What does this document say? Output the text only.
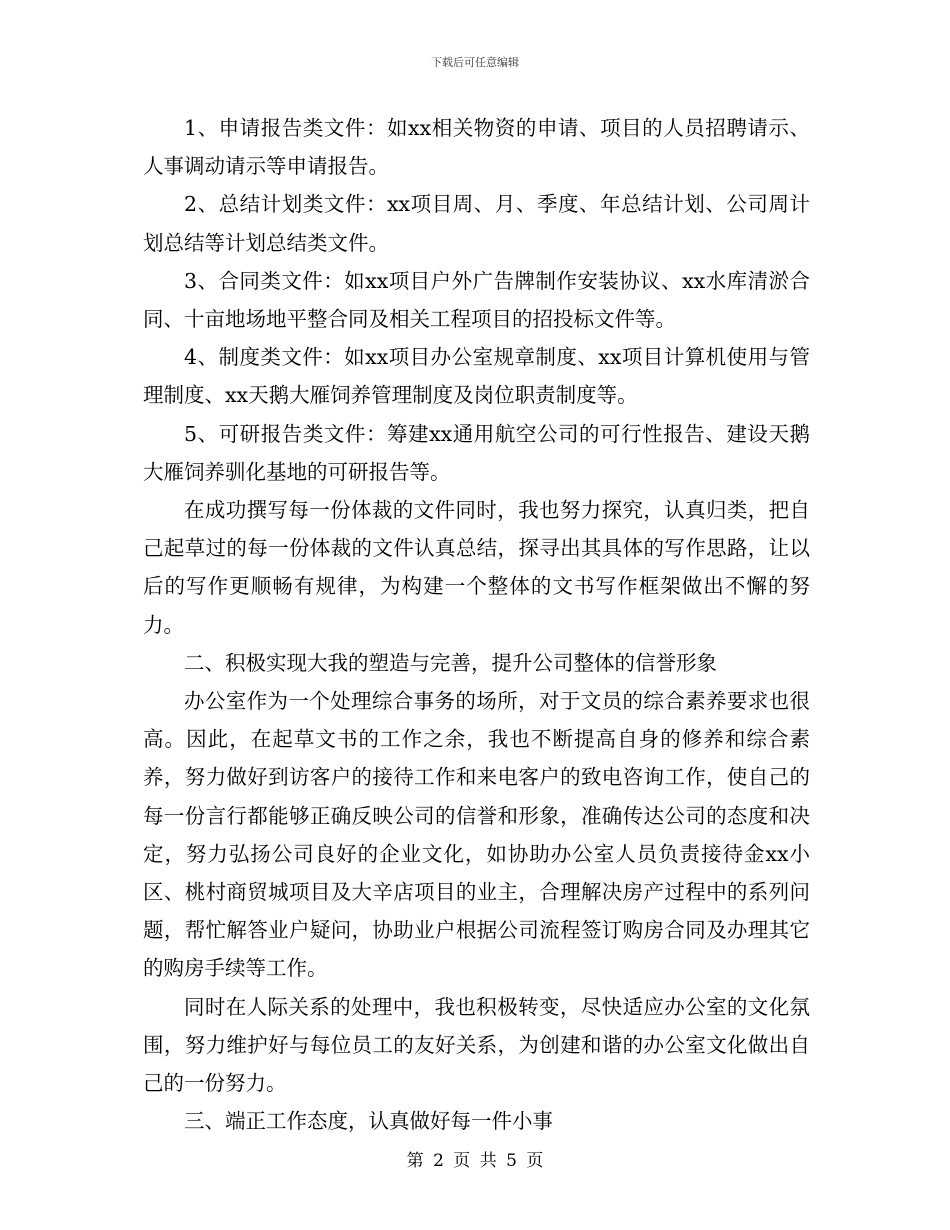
下载后可任意编辑

1、申请报告类文件：如xx相关物资的申请、项目的人员招聘请示、人事调动请示等申请报告。

2、总结计划类文件：xx项目周、月、季度、年总结计划、公司周计划总结等计划总结类文件。

3、合同类文件：如xx项目户外广告牌制作安装协议、xx水库清淤合同、十亩地场地平整合同及相关工程项目的招投标文件等。

4、制度类文件：如xx项目办公室规章制度、xx项目计算机使用与管理制度、xx天鹅大雁饲养管理制度及岗位职责制度等。

5、可研报告类文件：筹建xx通用航空公司的可行性报告、建设天鹅大雁饲养驯化基地的可研报告等。

在成功撰写每一份体裁的文件同时，我也努力探究，认真归类，把自己起草过的每一份体裁的文件认真总结，探寻出其具体的写作思路，让以后的写作更顺畅有规律，为构建一个整体的文书写作框架做出不懈的努力。

二、积极实现大我的塑造与完善，提升公司整体的信誉形象

办公室作为一个处理综合事务的场所，对于文员的综合素养要求也很高。因此，在起草文书的工作之余，我也不断提高自身的修养和综合素养，努力做好到访客户的接待工作和来电客户的致电咨询工作，使自己的每一份言行都能够正确反映公司的信誉和形象，准确传达公司的态度和决定，努力弘扬公司良好的企业文化，如协助办公室人员负责接待金xx小区、桃村商贸城项目及大辛店项目的业主，合理解决房产过程中的系列问题，帮忙解答业户疑问，协助业户根据公司流程签订购房合同及办理其它的购房手续等工作。

同时在人际关系的处理中，我也积极转变，尽快适应办公室的文化氛围，努力维护好与每位员工的友好关系，为创建和谐的办公室文化做出自己的一份努力。

三、端正工作态度，认真做好每一件小事

第 2 页 共 5 页
